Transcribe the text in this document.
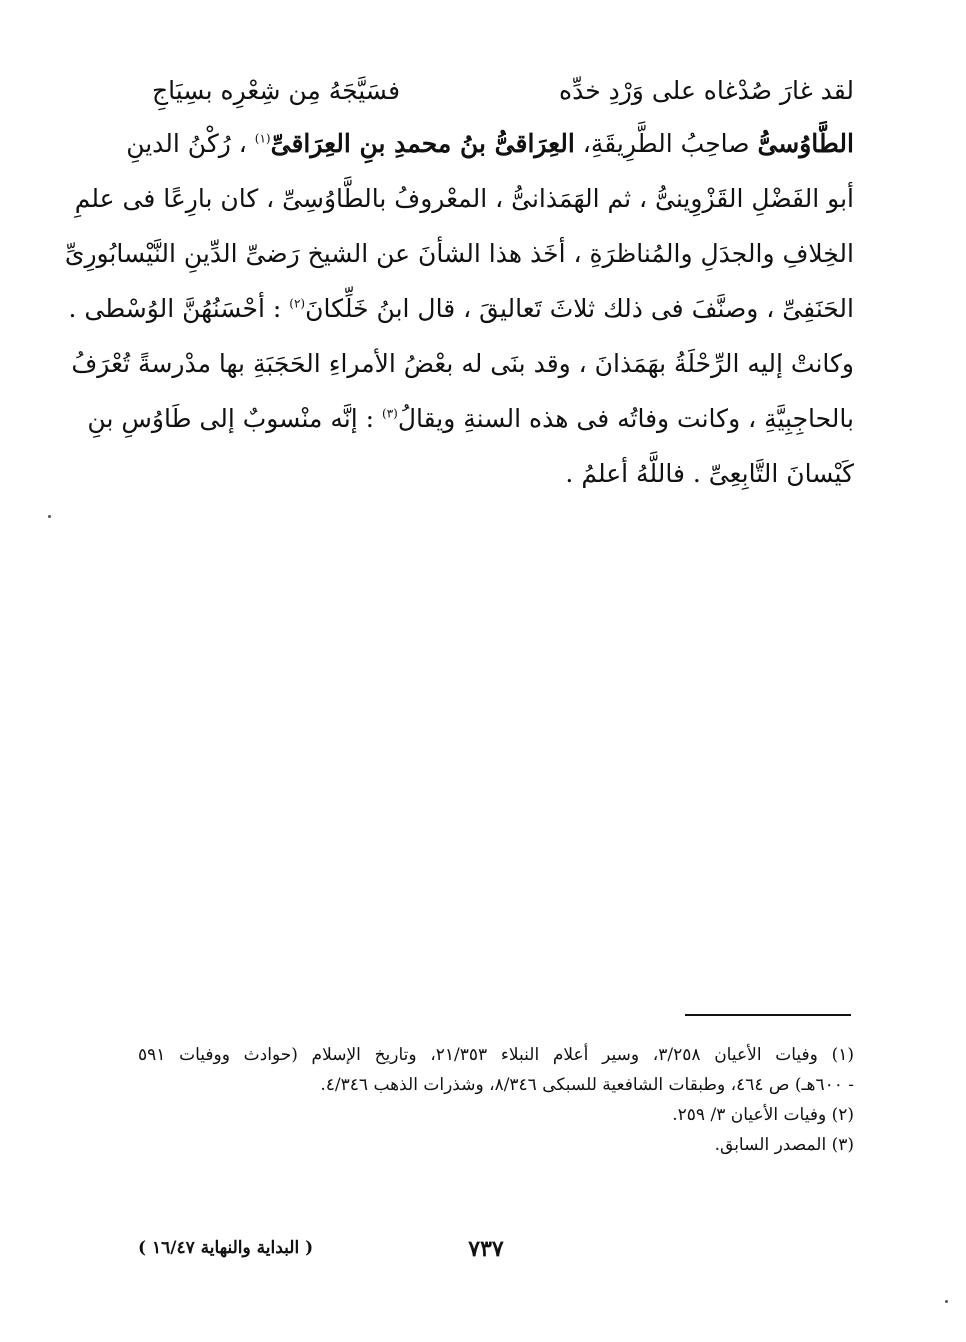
لقد غارَ صُدْغاه على وَرْدِ خدِّه
فسَيَّجَهُ مِن شِعْرِه بسِيَاجِ
الطَّاوُسىُّ صاحِبُ الطَّرِيقَةِ، العِرَاقىُّ بنُ محمدِ بنِ العِرَاقىِّ$^{(١)}$ ، رُكْنُ الدينِ
أبو الفَضْلِ القَزْوِينىُّ ، ثم الهَمَذانىُّ ، المعْروفُ بالطَّاوُسِىِّ ، كان بارِعًا فى علمِ
الخِلافِ والجدَلِ والمُناظرَةِ ، أخَذ هذا الشأنَ عن الشيخ رَضىِّ الدِّينِ النَّيْسابُورِىِّ
الحَنَفِىِّ ، وصنَّفَ فى ذلك ثلاثَ تَعاليقَ ، قال ابنُ خَلِّكانَ$^{(٢)}$ : أحْسَنُهُنَّ الوُسْطى .
وكانتْ إليه الرِّحْلَةُ بهَمَذانَ ، وقد بنَى له بعْضُ الأمراءِ الحَجَبَةِ بها مدْرسةً تُعْرَفُ
بالحاجِبِيَّةِ ، وكانت وفاتُه فى هذه السنةِ ويقالُ$^{(٣)}$ : إنَّه منْسوبٌ إلى طَاوُسِ بنِ
كَيْسانَ التَّابِعِىِّ . فاللَّهُ أعلمُ .
(١) وفيات الأعيان ٣/٢٥٨، وسير أعلام النبلاء ٢١/٣٥٣، وتاريخ الإسلام (حوادث ووفيات ٥٩١
- ٦٠٠هـ) ص ٤٦٤، وطبقات الشافعية للسبكى ٨/٣٤٦، وشذرات الذهب ٤/٣٤٦.
(٢) وفيات الأعيان ٣/ ٢٥٩.
(٣) المصدر السابق.
٧٣٧
( البداية والنهاية ١٦/٤٧ )
